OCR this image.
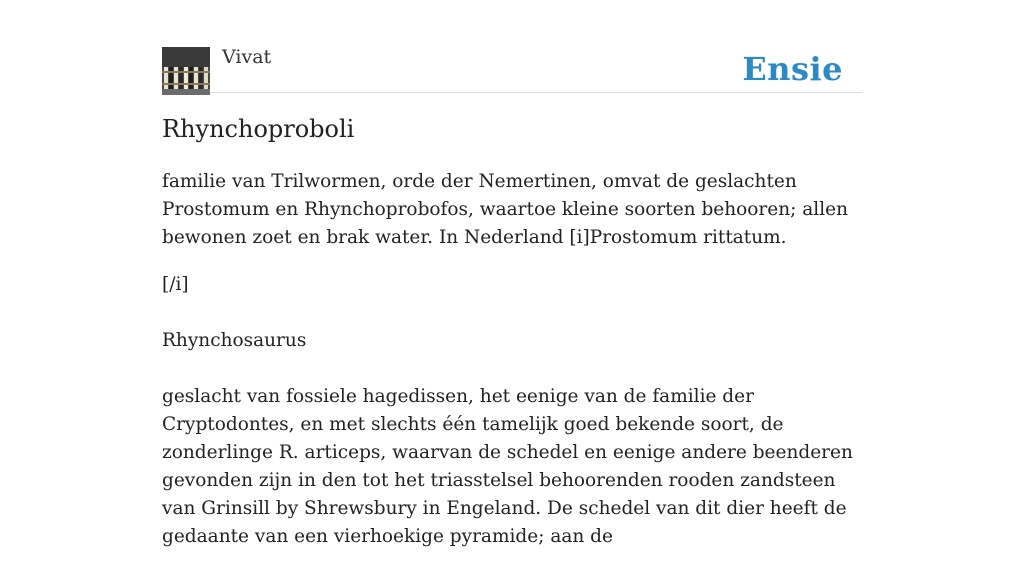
Vivat	Ensie
Rhynchoproboli

familie van Trilwormen, orde der Nemertinen, omvat de geslachten Prostomum en Rhynchoprobofos, waartoe kleine soorten behooren; allen bewonen zoet en brak water. In Nederland [i]Prostomum rittatum.

[/i]

Rhynchosaurus

geslacht van fossiele hagedissen, het eenige van de familie der Cryptodontes, en met slechts één tamelijk goed bekende soort, de zonderlinge R. articeps, waarvan de schedel en eenige andere beenderen gevonden zijn in den tot het triasstelsel behoorenden rooden zandsteen van Grinsill by Shrewsbury in Engeland. De schedel van dit dier heeft de gedaante van een vierhoekige pyramide; aan de
